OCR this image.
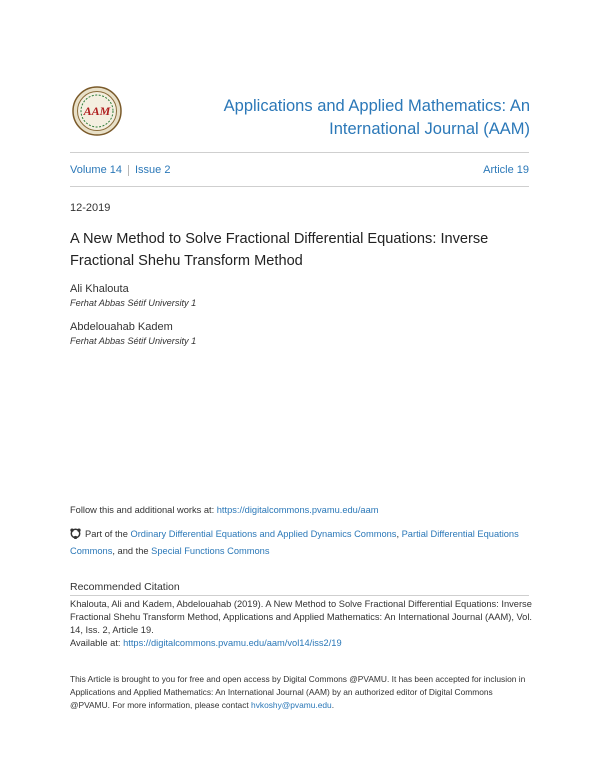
AAM	Applications and Applied Mathematics: An International Journal (AAM)
Volume 14 Issue 2	Article 19
12-2019
A New Method to Solve Fractional Differential Equations: Inverse Fractional Shehu Transform Method
Ali Khalouta
Ferhat Abbas Sétif University 1
Abdelouahab Kadem
Ferhat Abbas Sétif University 1
Follow this and additional works at: https://digitalcommons.pvamu.edu/aam
Part of the Ordinary Differential Equations and Applied Dynamics Commons, Partial Differential Equations Commons, and the Special Functions Commons
Recommended Citation
Khalouta, Ali and Kadem, Abdelouahab (2019). A New Method to Solve Fractional Differential Equations: Inverse Fractional Shehu Transform Method, Applications and Applied Mathematics: An International Journal (AAM), Vol. 14, Iss. 2, Article 19.
Available at: https://digitalcommons.pvamu.edu/aam/vol14/iss2/19
This Article is brought to you for free and open access by Digital Commons @PVAMU. It has been accepted for inclusion in Applications and Applied Mathematics: An International Journal (AAM) by an authorized editor of Digital Commons @PVAMU. For more information, please contact hvkoshy@pvamu.edu.
